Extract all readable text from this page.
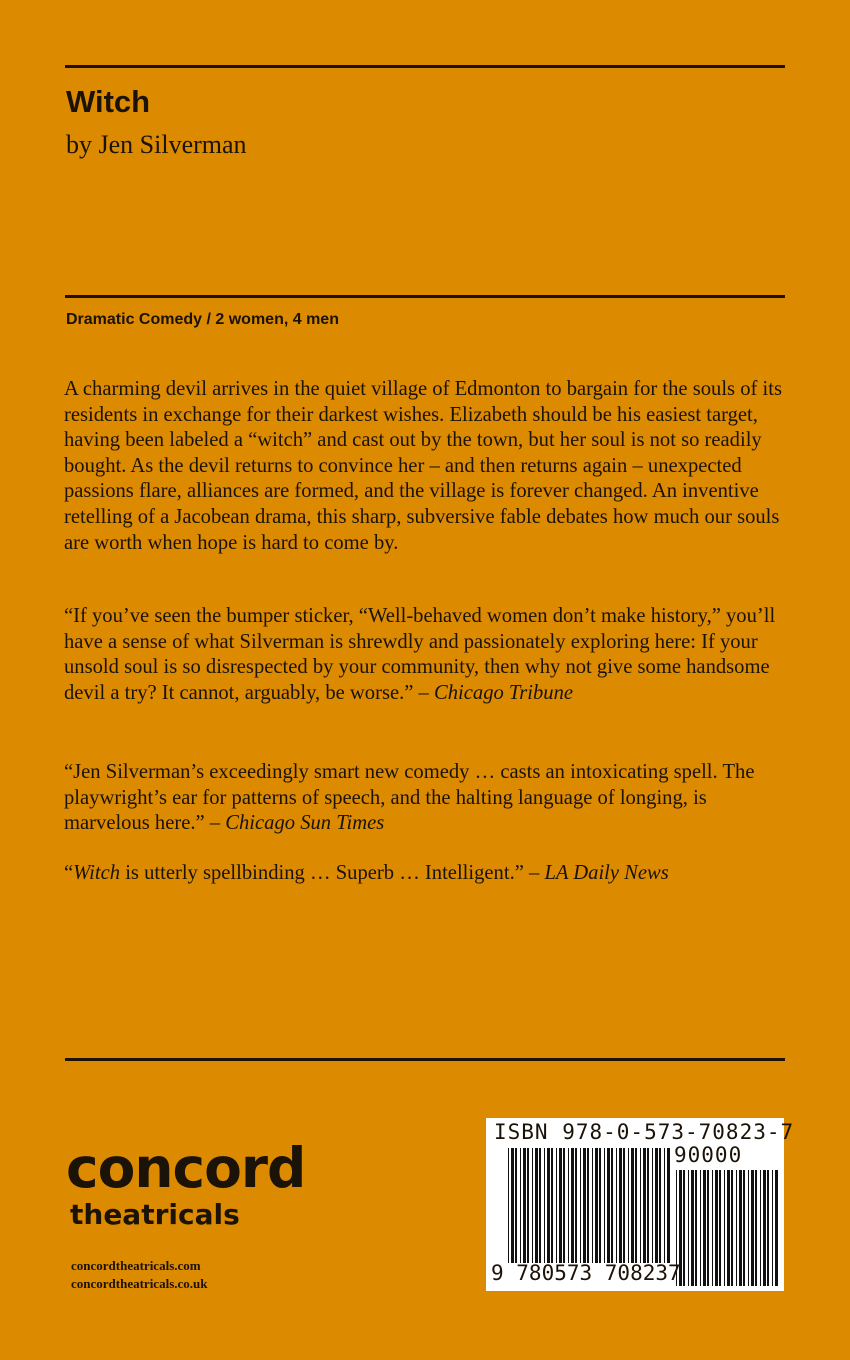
Witch

by Jen Silverman

Dramatic Comedy / 2 women, 4 men

A charming devil arrives in the quiet village of Edmonton to bargain for the souls of its residents in exchange for their darkest wishes. Elizabeth should be his easiest target, having been labeled a “witch” and cast out by the town, but her soul is not so readily bought. As the devil returns to convince her – and then returns again – unexpected passions flare, alliances are formed, and the village is forever changed. An inventive retelling of a Jacobean drama, this sharp, subversive fable debates how much our souls are worth when hope is hard to come by.

“If you’ve seen the bumper sticker, “Well-behaved women don’t make history,” you’ll have a sense of what Silverman is shrewdly and passionately exploring here: If your unsold soul is so disrespected by your community, then why not give some handsome devil a try? It cannot, arguably, be worse.” – Chicago Tribune

“Jen Silverman’s exceedingly smart new comedy … casts an intoxicating spell. The playwright’s ear for patterns of speech, and the halting language of longing, is marvelous here.” – Chicago Sun Times

“Witch is utterly spellbinding … Superb … Intelligent.” – LA Daily News

concord
theatricals
concordtheatricals.com
concordtheatricals.co.uk
ISBN 978-0-573-70823-7
90000
9 780573 708237
